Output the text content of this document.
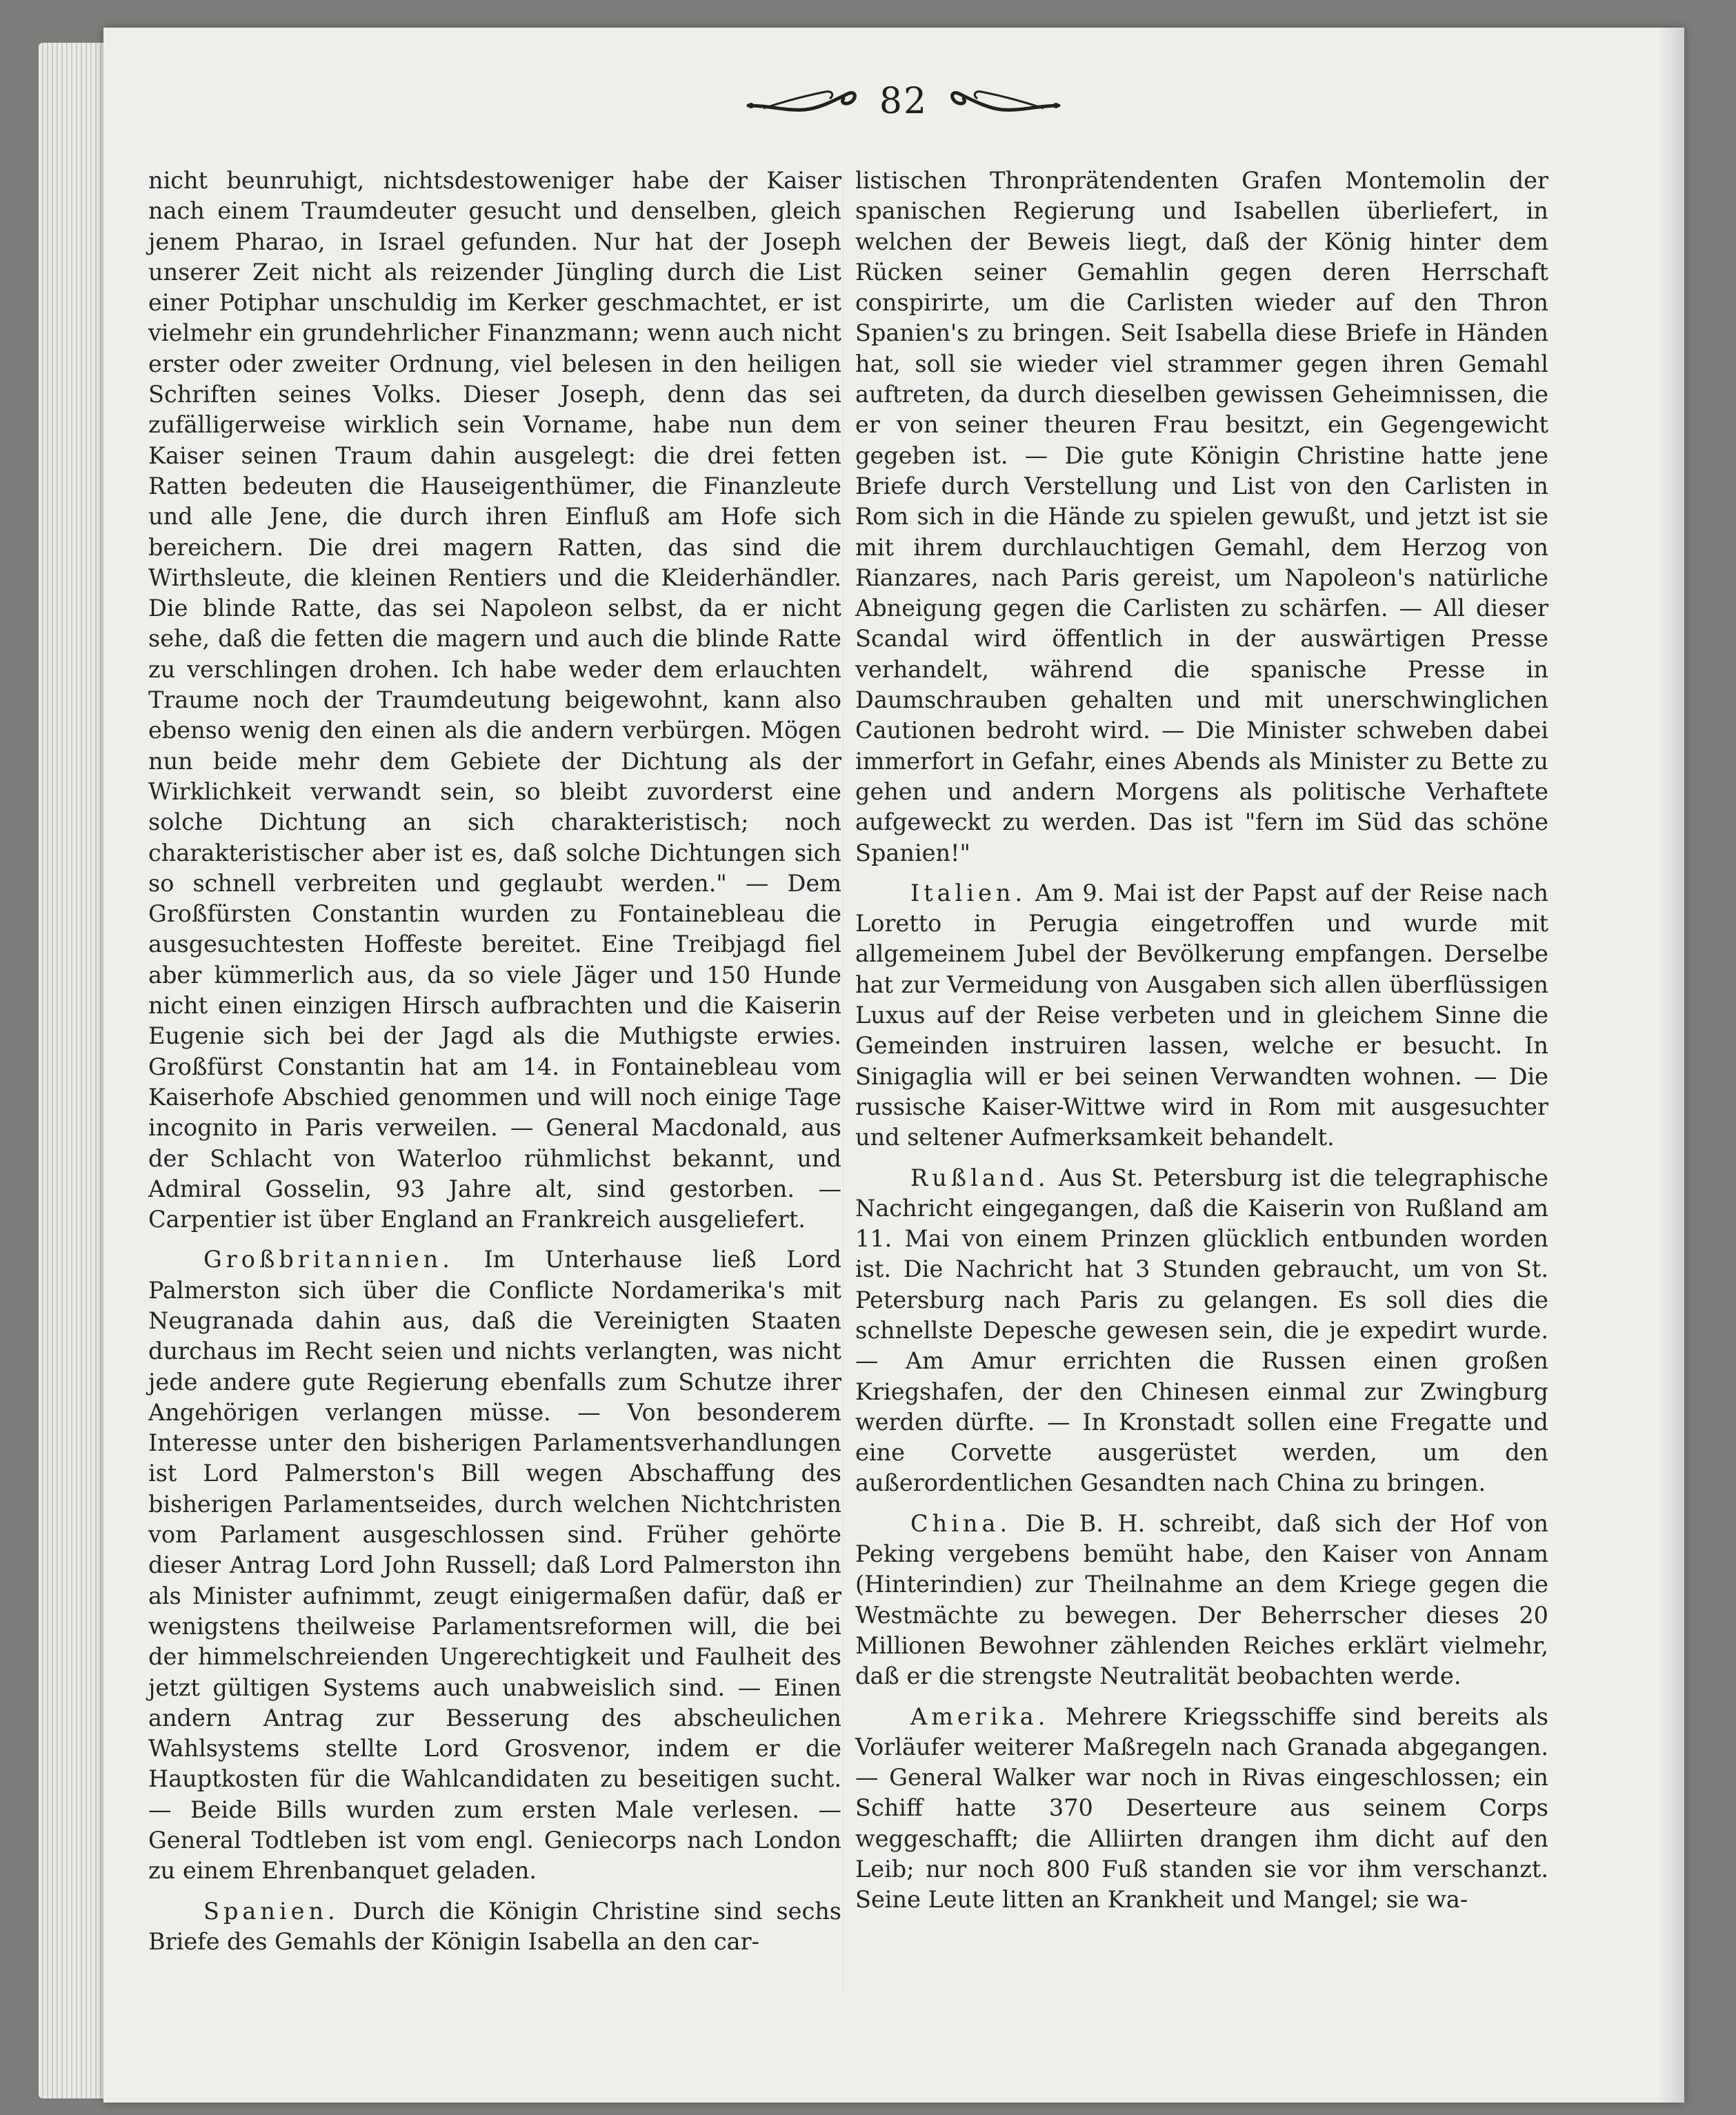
82

nicht beunruhigt, nichtsdestoweniger habe der Kaiser nach einem Traumdeuter gesucht und denselben, gleich jenem Pharao, in Israel gefunden. Nur hat der Joseph unserer Zeit nicht als reizender Jüngling durch die List einer Potiphar unschuldig im Kerker geschmachtet, er ist vielmehr ein grundehrlicher Finanzmann; wenn auch nicht erster oder zweiter Ordnung, viel belesen in den heiligen Schriften seines Volks. Dieser Joseph, denn das sei zufälligerweise wirklich sein Vorname, habe nun dem Kaiser seinen Traum dahin ausgelegt: die drei fetten Ratten bedeuten die Hauseigenthümer, die Finanzleute und alle Jene, die durch ihren Einfluß am Hofe sich bereichern. Die drei magern Ratten, das sind die Wirthsleute, die kleinen Rentiers und die Kleiderhändler. Die blinde Ratte, das sei Napoleon selbst, da er nicht sehe, daß die fetten die magern und auch die blinde Ratte zu verschlingen drohen. Ich habe weder dem erlauchten Traume noch der Traumdeutung beigewohnt, kann also ebenso wenig den einen als die andern verbürgen. Mögen nun beide mehr dem Gebiete der Dichtung als der Wirklichkeit verwandt sein, so bleibt zuvorderst eine solche Dichtung an sich charakteristisch; noch charakteristischer aber ist es, daß solche Dichtungen sich so schnell verbreiten und geglaubt werden." — Dem Großfürsten Constantin wurden zu Fontainebleau die ausgesuchtesten Hoffeste bereitet. Eine Treibjagd fiel aber kümmerlich aus, da so viele Jäger und 150 Hunde nicht einen einzigen Hirsch aufbrachten und die Kaiserin Eugenie sich bei der Jagd als die Muthigste erwies. Großfürst Constantin hat am 14. in Fontainebleau vom Kaiserhofe Abschied genommen und will noch einige Tage incognito in Paris verweilen. — General Macdonald, aus der Schlacht von Waterloo rühmlichst bekannt, und Admiral Gosselin, 93 Jahre alt, sind gestorben. — Carpentier ist über England an Frankreich ausgeliefert.

Großbritannien. Im Unterhause ließ Lord Palmerston sich über die Conflicte Nordamerika's mit Neugranada dahin aus, daß die Vereinigten Staaten durchaus im Recht seien und nichts verlangten, was nicht jede andere gute Regierung ebenfalls zum Schutze ihrer Angehörigen verlangen müsse. — Von besonderem Interesse unter den bisherigen Parlamentsverhandlungen ist Lord Palmerston's Bill wegen Abschaffung des bisherigen Parlamentseides, durch welchen Nichtchristen vom Parlament ausgeschlossen sind. Früher gehörte dieser Antrag Lord John Russell; daß Lord Palmerston ihn als Minister aufnimmt, zeugt einigermaßen dafür, daß er wenigstens theilweise Parlamentsreformen will, die bei der himmelschreienden Ungerechtigkeit und Faulheit des jetzt gültigen Systems auch unabweislich sind. — Einen andern Antrag zur Besserung des abscheulichen Wahlsystems stellte Lord Grosvenor, indem er die Hauptkosten für die Wahlcandidaten zu beseitigen sucht. — Beide Bills wurden zum ersten Male verlesen. — General Todtleben ist vom engl. Geniecorps nach London zu einem Ehrenbanquet geladen.

Spanien. Durch die Königin Christine sind sechs Briefe des Gemahls der Königin Isabella an den car-

listischen Thronprätendenten Grafen Montemolin der spanischen Regierung und Isabellen überliefert, in welchen der Beweis liegt, daß der König hinter dem Rücken seiner Gemahlin gegen deren Herrschaft conspirirte, um die Carlisten wieder auf den Thron Spanien's zu bringen. Seit Isabella diese Briefe in Händen hat, soll sie wieder viel strammer gegen ihren Gemahl auftreten, da durch dieselben gewissen Geheimnissen, die er von seiner theuren Frau besitzt, ein Gegengewicht gegeben ist. — Die gute Königin Christine hatte jene Briefe durch Verstellung und List von den Carlisten in Rom sich in die Hände zu spielen gewußt, und jetzt ist sie mit ihrem durchlauchtigen Gemahl, dem Herzog von Rianzares, nach Paris gereist, um Napoleon's natürliche Abneigung gegen die Carlisten zu schärfen. — All dieser Scandal wird öffentlich in der auswärtigen Presse verhandelt, während die spanische Presse in Daumschrauben gehalten und mit unerschwinglichen Cautionen bedroht wird. — Die Minister schweben dabei immerfort in Gefahr, eines Abends als Minister zu Bette zu gehen und andern Morgens als politische Verhaftete aufgeweckt zu werden. Das ist "fern im Süd das schöne Spanien!"

Italien. Am 9. Mai ist der Papst auf der Reise nach Loretto in Perugia eingetroffen und wurde mit allgemeinem Jubel der Bevölkerung empfangen. Derselbe hat zur Vermeidung von Ausgaben sich allen überflüssigen Luxus auf der Reise verbeten und in gleichem Sinne die Gemeinden instruiren lassen, welche er besucht. In Sinigaglia will er bei seinen Verwandten wohnen. — Die russische Kaiser-Wittwe wird in Rom mit ausgesuchter und seltener Aufmerksamkeit behandelt.

Rußland. Aus St. Petersburg ist die telegraphische Nachricht eingegangen, daß die Kaiserin von Rußland am 11. Mai von einem Prinzen glücklich entbunden worden ist. Die Nachricht hat 3 Stunden gebraucht, um von St. Petersburg nach Paris zu gelangen. Es soll dies die schnellste Depesche gewesen sein, die je expedirt wurde. — Am Amur errichten die Russen einen großen Kriegshafen, der den Chinesen einmal zur Zwingburg werden dürfte. — In Kronstadt sollen eine Fregatte und eine Corvette ausgerüstet werden, um den außerordentlichen Gesandten nach China zu bringen.

China. Die B. H. schreibt, daß sich der Hof von Peking vergebens bemüht habe, den Kaiser von Annam (Hinterindien) zur Theilnahme an dem Kriege gegen die Westmächte zu bewegen. Der Beherrscher dieses 20 Millionen Bewohner zählenden Reiches erklärt vielmehr, daß er die strengste Neutralität beobachten werde.

Amerika. Mehrere Kriegsschiffe sind bereits als Vorläufer weiterer Maßregeln nach Granada abgegangen. — General Walker war noch in Rivas eingeschlossen; ein Schiff hatte 370 Deserteure aus seinem Corps weggeschafft; die Alliirten drangen ihm dicht auf den Leib; nur noch 800 Fuß standen sie vor ihm verschanzt. Seine Leute litten an Krankheit und Mangel; sie wa-
